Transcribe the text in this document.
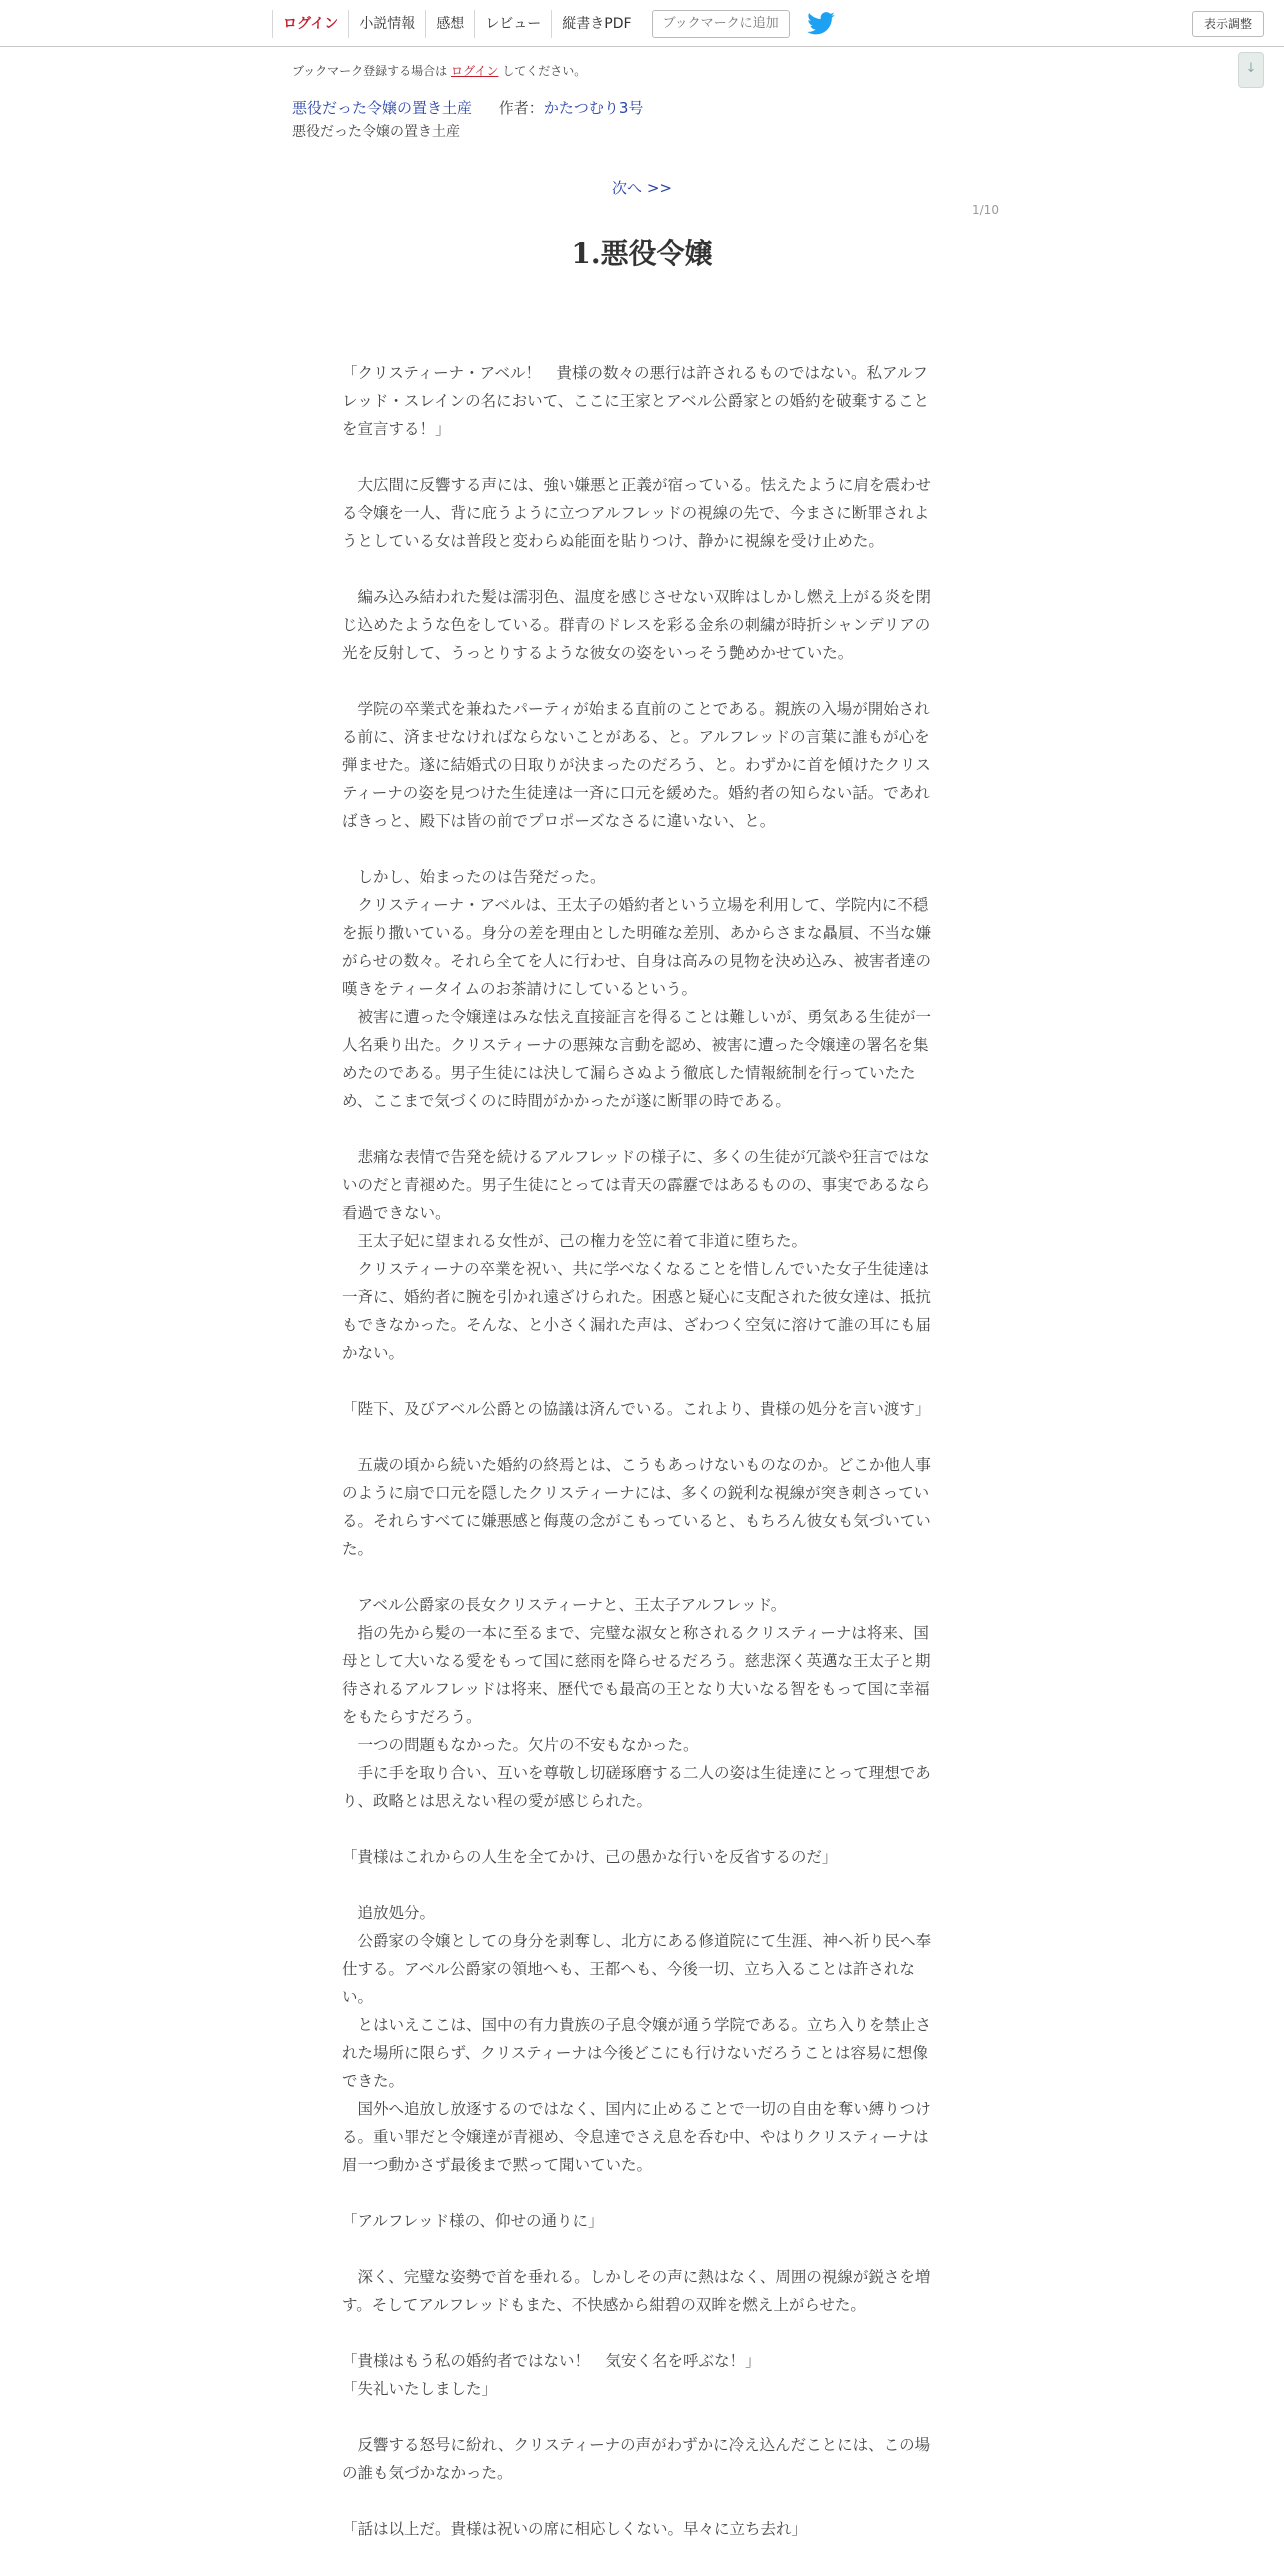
ログイン	小説情報	感想	レビュー	縦書きPDF	ブックマークに追加	表示調整
↓
ブックマーク登録する場合は ログイン してください。
悪役だった令嬢の置き土産 作者：かたつむり3号
悪役だった令嬢の置き土産
次へ >>
1/10
1.悪役令嬢

「クリスティーナ・アベル！　貴様の数々の悪行は許されるものではない。私アルフレッド・スレインの名において、ここに王家とアベル公爵家との婚約を破棄することを宣言する！」

　大広間に反響する声には、強い嫌悪と正義が宿っている。怯えたように肩を震わせる令嬢を一人、背に庇うように立つアルフレッドの視線の先で、今まさに断罪されようとしている女は普段と変わらぬ能面を貼りつけ、静かに視線を受け止めた。

　編み込み結われた髪は濡羽色、温度を感じさせない双眸はしかし燃え上がる炎を閉じ込めたような色をしている。群青のドレスを彩る金糸の刺繍が時折シャンデリアの光を反射して、うっとりするような彼女の姿をいっそう艶めかせていた。

　学院の卒業式を兼ねたパーティが始まる直前のことである。親族の入場が開始される前に、済ませなければならないことがある、と。アルフレッドの言葉に誰もが心を弾ませた。遂に結婚式の日取りが決まったのだろう、と。わずかに首を傾けたクリスティーナの姿を見つけた生徒達は一斉に口元を緩めた。婚約者の知らない話。であればきっと、殿下は皆の前でプロポーズなさるに違いない、と。

　しかし、始まったのは告発だった。

　クリスティーナ・アベルは、王太子の婚約者という立場を利用して、学院内に不穏を振り撒いている。身分の差を理由とした明確な差別、あからさまな贔屓、不当な嫌がらせの数々。それら全てを人に行わせ、自身は高みの見物を決め込み、被害者達の嘆きをティータイムのお茶請けにしているという。

　被害に遭った令嬢達はみな怯え直接証言を得ることは難しいが、勇気ある生徒が一人名乗り出た。クリスティーナの悪辣な言動を認め、被害に遭った令嬢達の署名を集めたのである。男子生徒には決して漏らさぬよう徹底した情報統制を行っていたため、ここまで気づくのに時間がかかったが遂に断罪の時である。

　悲痛な表情で告発を続けるアルフレッドの様子に、多くの生徒が冗談や狂言ではないのだと青褪めた。男子生徒にとっては青天の霹靂ではあるものの、事実であるなら看過できない。

　王太子妃に望まれる女性が、己の権力を笠に着て非道に堕ちた。

　クリスティーナの卒業を祝い、共に学べなくなることを惜しんでいた女子生徒達は一斉に、婚約者に腕を引かれ遠ざけられた。困惑と疑心に支配された彼女達は、抵抗もできなかった。そんな、と小さく漏れた声は、ざわつく空気に溶けて誰の耳にも届かない。

「陛下、及びアベル公爵との協議は済んでいる。これより、貴様の処分を言い渡す」

　五歳の頃から続いた婚約の終焉とは、こうもあっけないものなのか。どこか他人事のように扇で口元を隠したクリスティーナには、多くの鋭利な視線が突き刺さっている。それらすべてに嫌悪感と侮蔑の念がこもっていると、もちろん彼女も気づいていた。

　アベル公爵家の長女クリスティーナと、王太子アルフレッド。

　指の先から髪の一本に至るまで、完璧な淑女と称されるクリスティーナは将来、国母として大いなる愛をもって国に慈雨を降らせるだろう。慈悲深く英邁な王太子と期待されるアルフレッドは将来、歴代でも最高の王となり大いなる智をもって国に幸福をもたらすだろう。

　一つの問題もなかった。欠片の不安もなかった。

　手に手を取り合い、互いを尊敬し切磋琢磨する二人の姿は生徒達にとって理想であり、政略とは思えない程の愛が感じられた。

「貴様はこれからの人生を全てかけ、己の愚かな行いを反省するのだ」

　追放処分。

　公爵家の令嬢としての身分を剥奪し、北方にある修道院にて生涯、神へ祈り民へ奉仕する。アベル公爵家の領地へも、王都へも、今後一切、立ち入ることは許されない。

　とはいえここは、国中の有力貴族の子息令嬢が通う学院である。立ち入りを禁止された場所に限らず、クリスティーナは今後どこにも行けないだろうことは容易に想像できた。

　国外へ追放し放逐するのではなく、国内に止めることで一切の自由を奪い縛りつける。重い罪だと令嬢達が青褪め、令息達でさえ息を呑む中、やはりクリスティーナは眉一つ動かさず最後まで黙って聞いていた。

「アルフレッド様の、仰せの通りに」

　深く、完璧な姿勢で首を垂れる。しかしその声に熱はなく、周囲の視線が鋭さを増す。そしてアルフレッドもまた、不快感から紺碧の双眸を燃え上がらせた。

「貴様はもう私の婚約者ではない！　気安く名を呼ぶな！」

「失礼いたしました」

　反響する怒号に紛れ、クリスティーナの声がわずかに冷え込んだことには、この場の誰も気づかなかった。

「話は以上だ。貴様は祝いの席に相応しくない。早々に立ち去れ」
